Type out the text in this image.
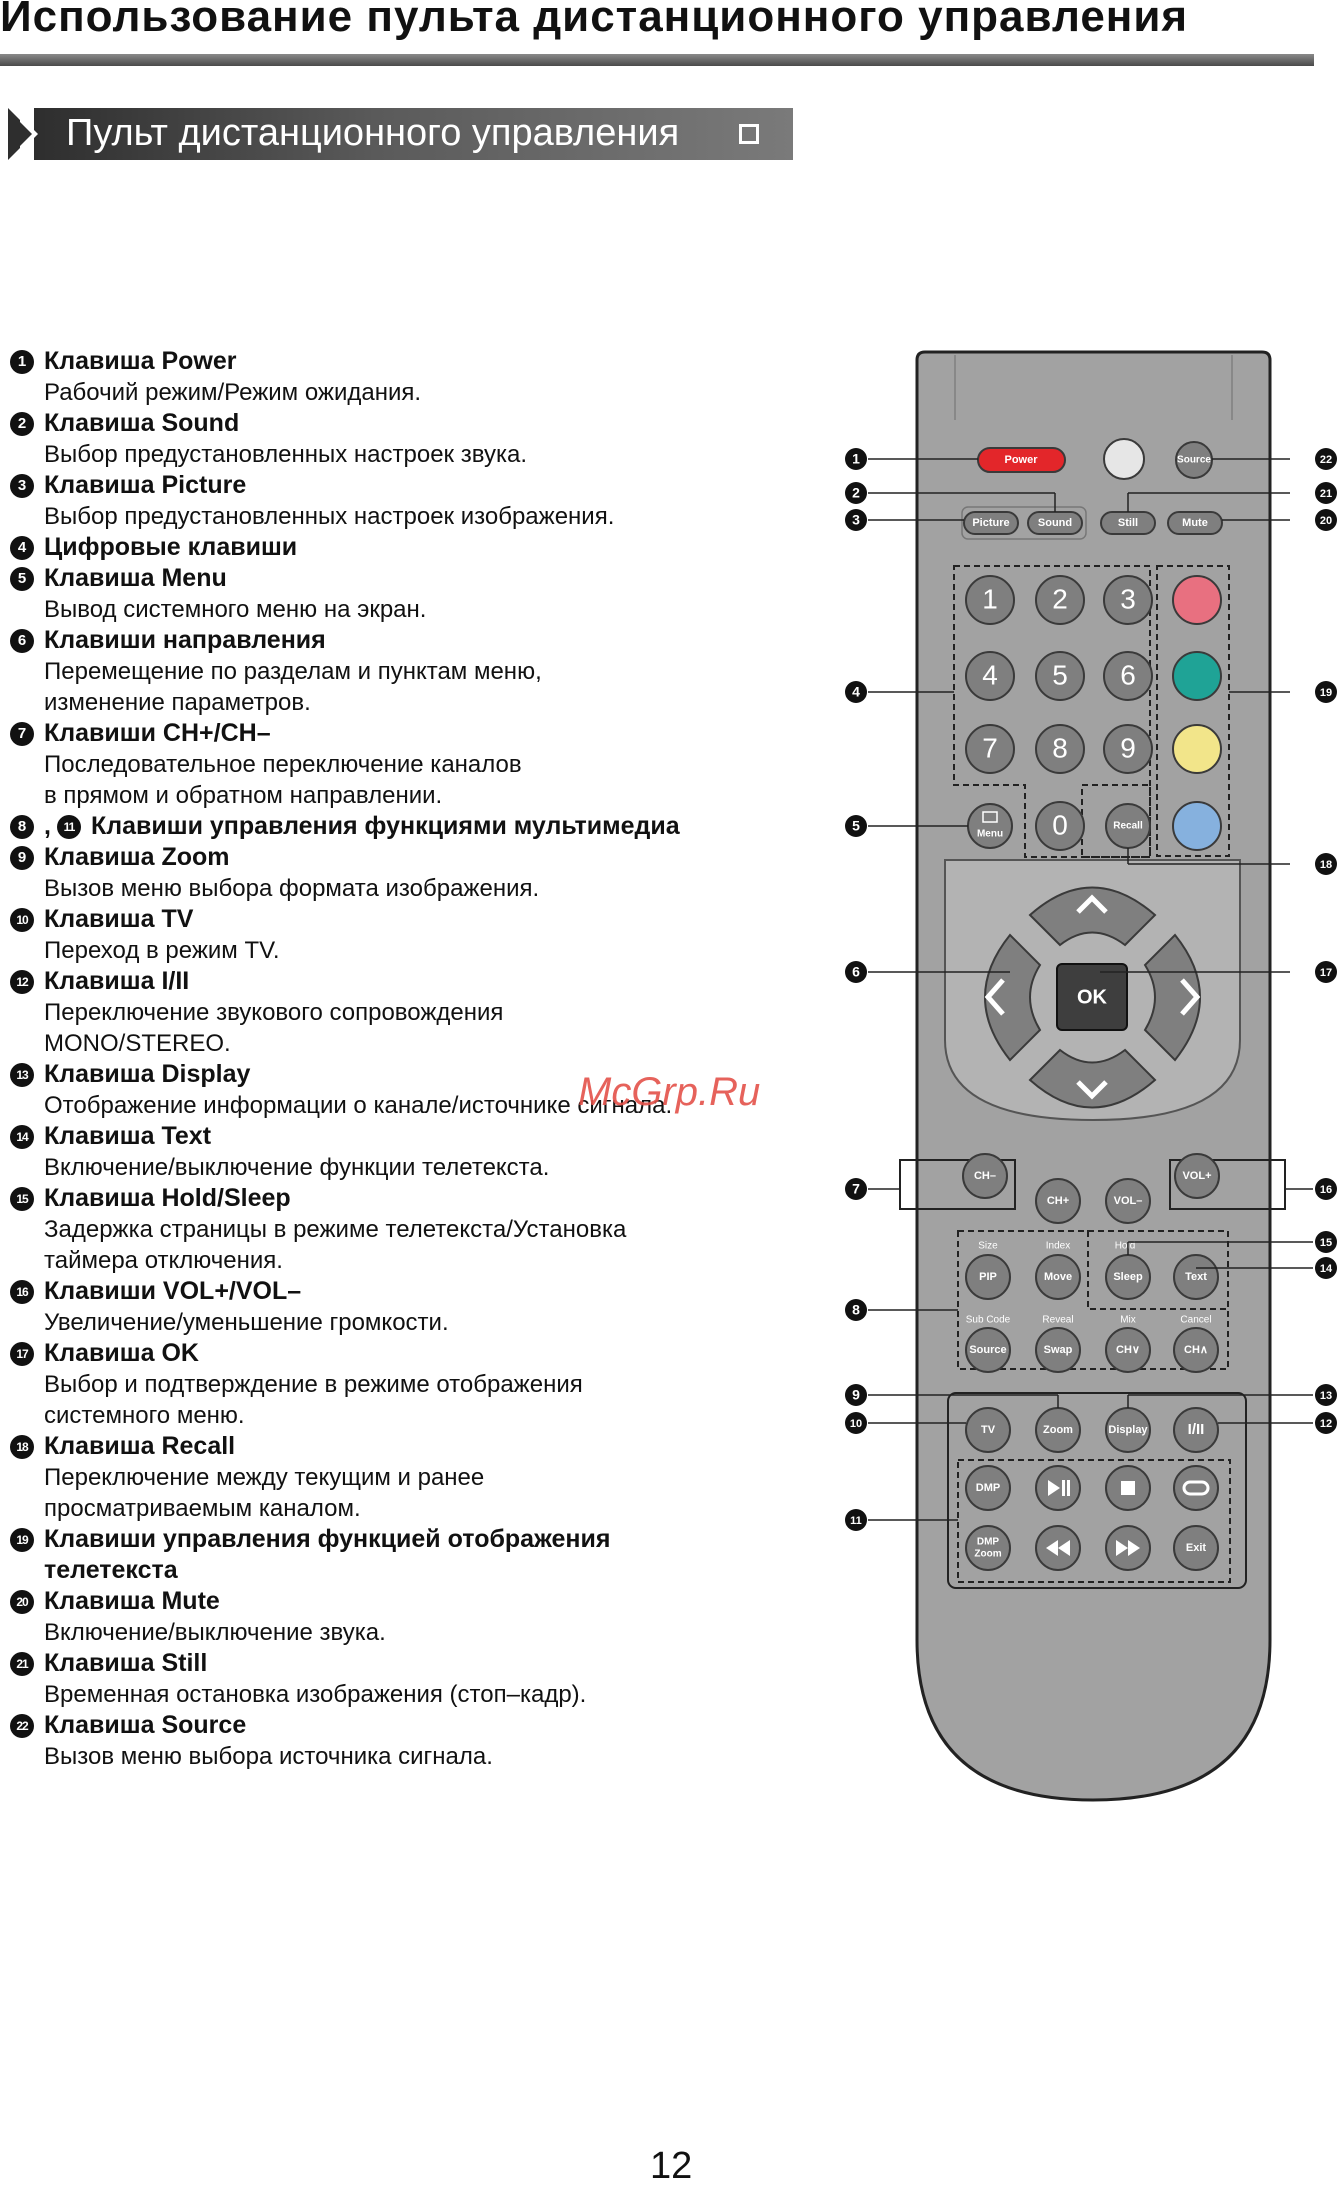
Использование пульта дистанционного управления
Пульт дистанционного управления
1 Клавиша Power
Рабочий режим/Режим ожидания.
2 Клавиша Sound
Выбор предустановленных настроек звука.
3 Клавиша Picture
Выбор предустановленных настроек изображения.
4 Цифровые клавиши
5 Клавиша Menu
Вывод системного меню на экран.
6 Клавиши направления
Перемещение по разделам и пунктам меню,
изменение параметров.
7 Клавиши CH+/CH–
Последовательное переключение каналов
в прямом и обратном направлении.
8 ,	11 Клавиши управления функциями мультимедиа
9 Клавиша Zoom
Вызов меню выбора формата изображения.
10 Клавиша TV
Переход в режим TV.
12 Клавиша I/II
Переключение звукового сопровождения
MONO/STEREO.
13 Клавиша Display
Отображение информации о канале/источнике сигнала.
14 Клавиша Text
Включение/выключение функции телетекста.
15 Клавиша Hold/Sleep
Задержка страницы в режиме телетекста/Установка
таймера отключения.
16 Клавиши VOL+/VOL–
Увеличение/уменьшение громкости.
17 Клавиша OK
Выбор и подтверждение в режиме отображения
системного меню.
18 Клавиша Recall
Переключение между текущим и ранее
просматриваемым каналом.
19 Клавиши управления функцией отображения
телетекста
20 Клавиша Mute
Включение/выключение звука.
21 Клавиша Still
Временная остановка изображения (стоп–кадр).
22 Клавиша Source
Вызов меню выбора источника сигнала.
Power	Source
Picture	Sound	Still	Mute
1 2 3
4 5 6
7 8 9
0
Menu
Recall
OK
CH–
CH+	VOL–
VOL+
Size	Index	Hold
Sub Code	Reveal	Mix	Cancel
PIP	Move	Sleep	Text
Source	Swap	CH∨	CH∧
TV	Zoom	Display	I/II
DMP
DMP
Zoom
Exit
1
2
3
4
5
6
7
8
9
10
11
12
13
14
15
16
17
18
19
20
21
22
McGrp.Ru
12
